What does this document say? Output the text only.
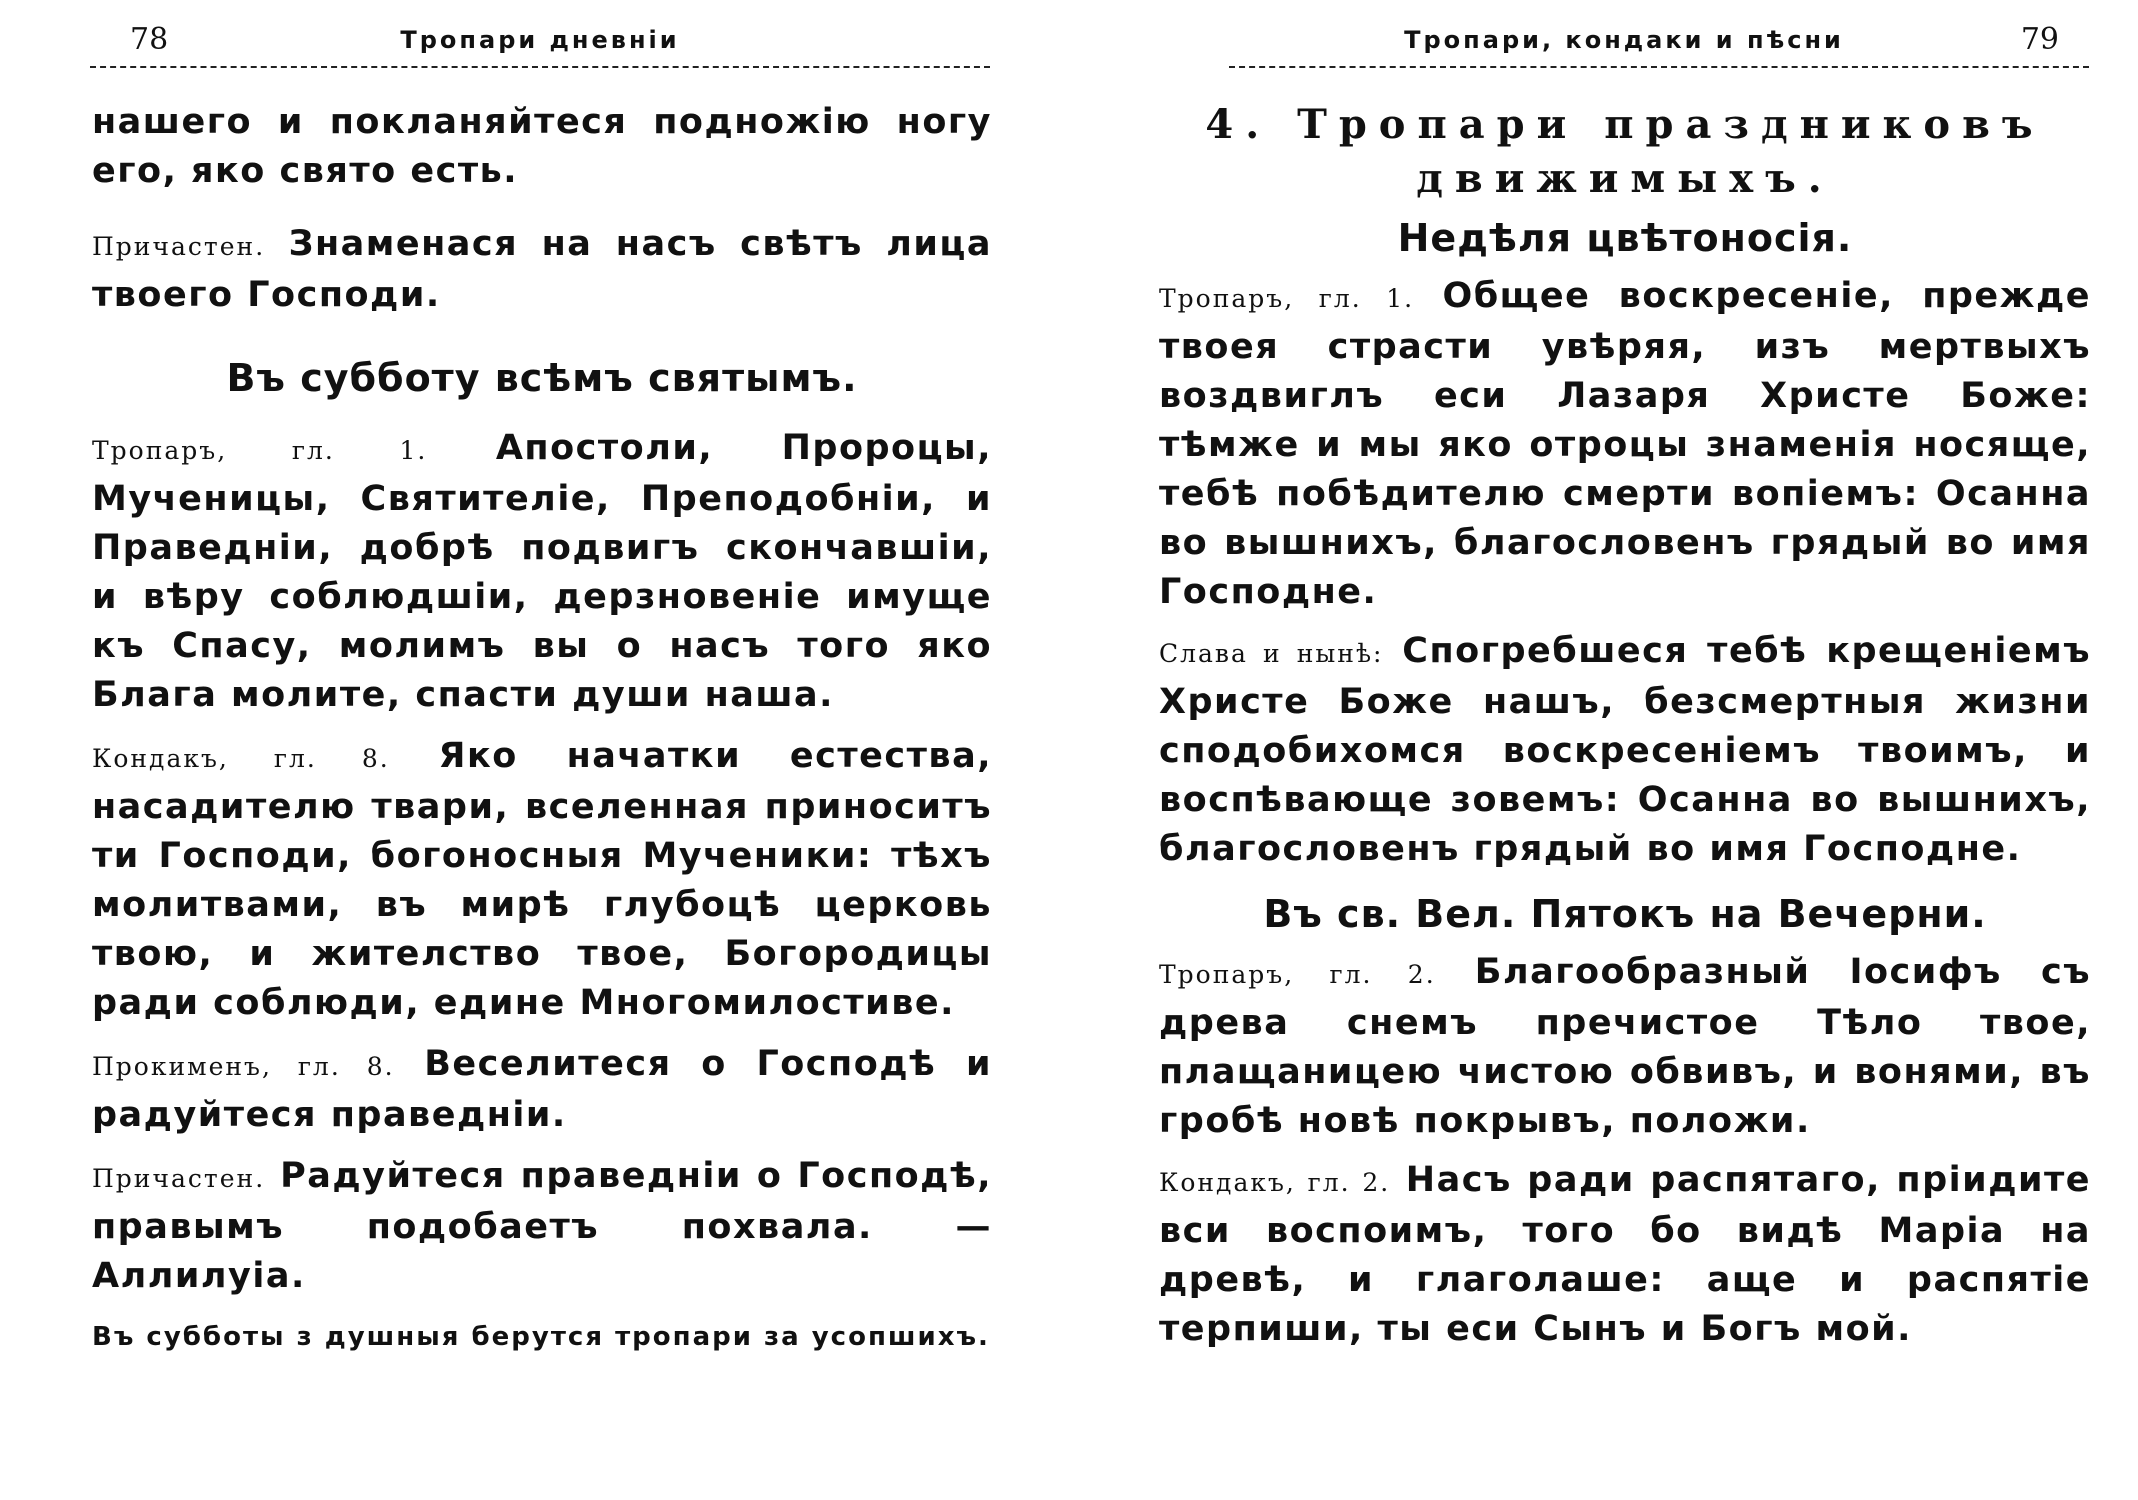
78	Тропари дневнiи

нашего и покланяйтеся подножiю ногу его, яко свято есть.

Причастен. Знаменася на насъ свѣтъ лица твоего Господи.

Въ субботу всѣмъ святымъ.

Тропаръ, гл. 1. Апостоли, Пророцы, Мученицы, Святителiе, Преподобнiи, и Праведнiи, добрѣ подвигъ скончавшiи, и вѣру соблюдшiи, дерзновенiе имуще къ Спасу, молимъ вы о насъ того яко Блага молите, спасти души наша.

Кондакъ, гл. 8. Яко начатки естества, насадителю твари, вселенная приноситъ ти Господи, богоносныя Мученики: тѣхъ молитвами, въ мирѣ глубоцѣ церковь твою, и жителство твое, Богородицы ради соблюди, едине Многомилостиве.

Прокименъ, гл. 8. Веселитеся о Господѣ и радуйтеся праведнiи.

Причастен. Радуйтеся праведнiи о Господѣ, правымъ подобаетъ похвала. — Аллилуiа.

Въ субботы з душныя берутся тропари за усопшихъ.

Тропари, кондаки и пѣсни	79
4. Тропари праздниковъ
движимыхъ.
Недѣля цвѣтоносiя.

Тропаръ, гл. 1. Общее воскресенiе, прежде твоея страсти увѣряя, изъ мертвыхъ воздвиглъ еси Лазаря Христе Боже: тѣмже и мы яко отроцы знаменiя носяще, тебѣ побѣдителю смерти вопiемъ: Осанна во вышнихъ, благословенъ грядый во имя Господне.

Слава и нынѣ: Спогребшеся тебѣ крещенiемъ Христе Боже нашъ, безсмертныя жизни сподобихомся воскресенiемъ твоимъ, и воспѣвающе зовемъ: Осанна во вышнихъ, благословенъ грядый во имя Господне.

Въ св. Вел. Пятокъ на Вечерни.

Тропаръ, гл. 2. Благообразный Iосифъ съ древа снемъ пречистое Тѣло твое, плащаницею чистою обвивъ, и вонями, въ гробѣ новѣ покрывъ, положи.

Кондакъ, гл. 2. Насъ ради распятаго, прiидите вси воспоимъ, того бо видѣ Марiа на древѣ, и глаголаше: аще и распятiе терпиши, ты еси Сынъ и Богъ мой.
